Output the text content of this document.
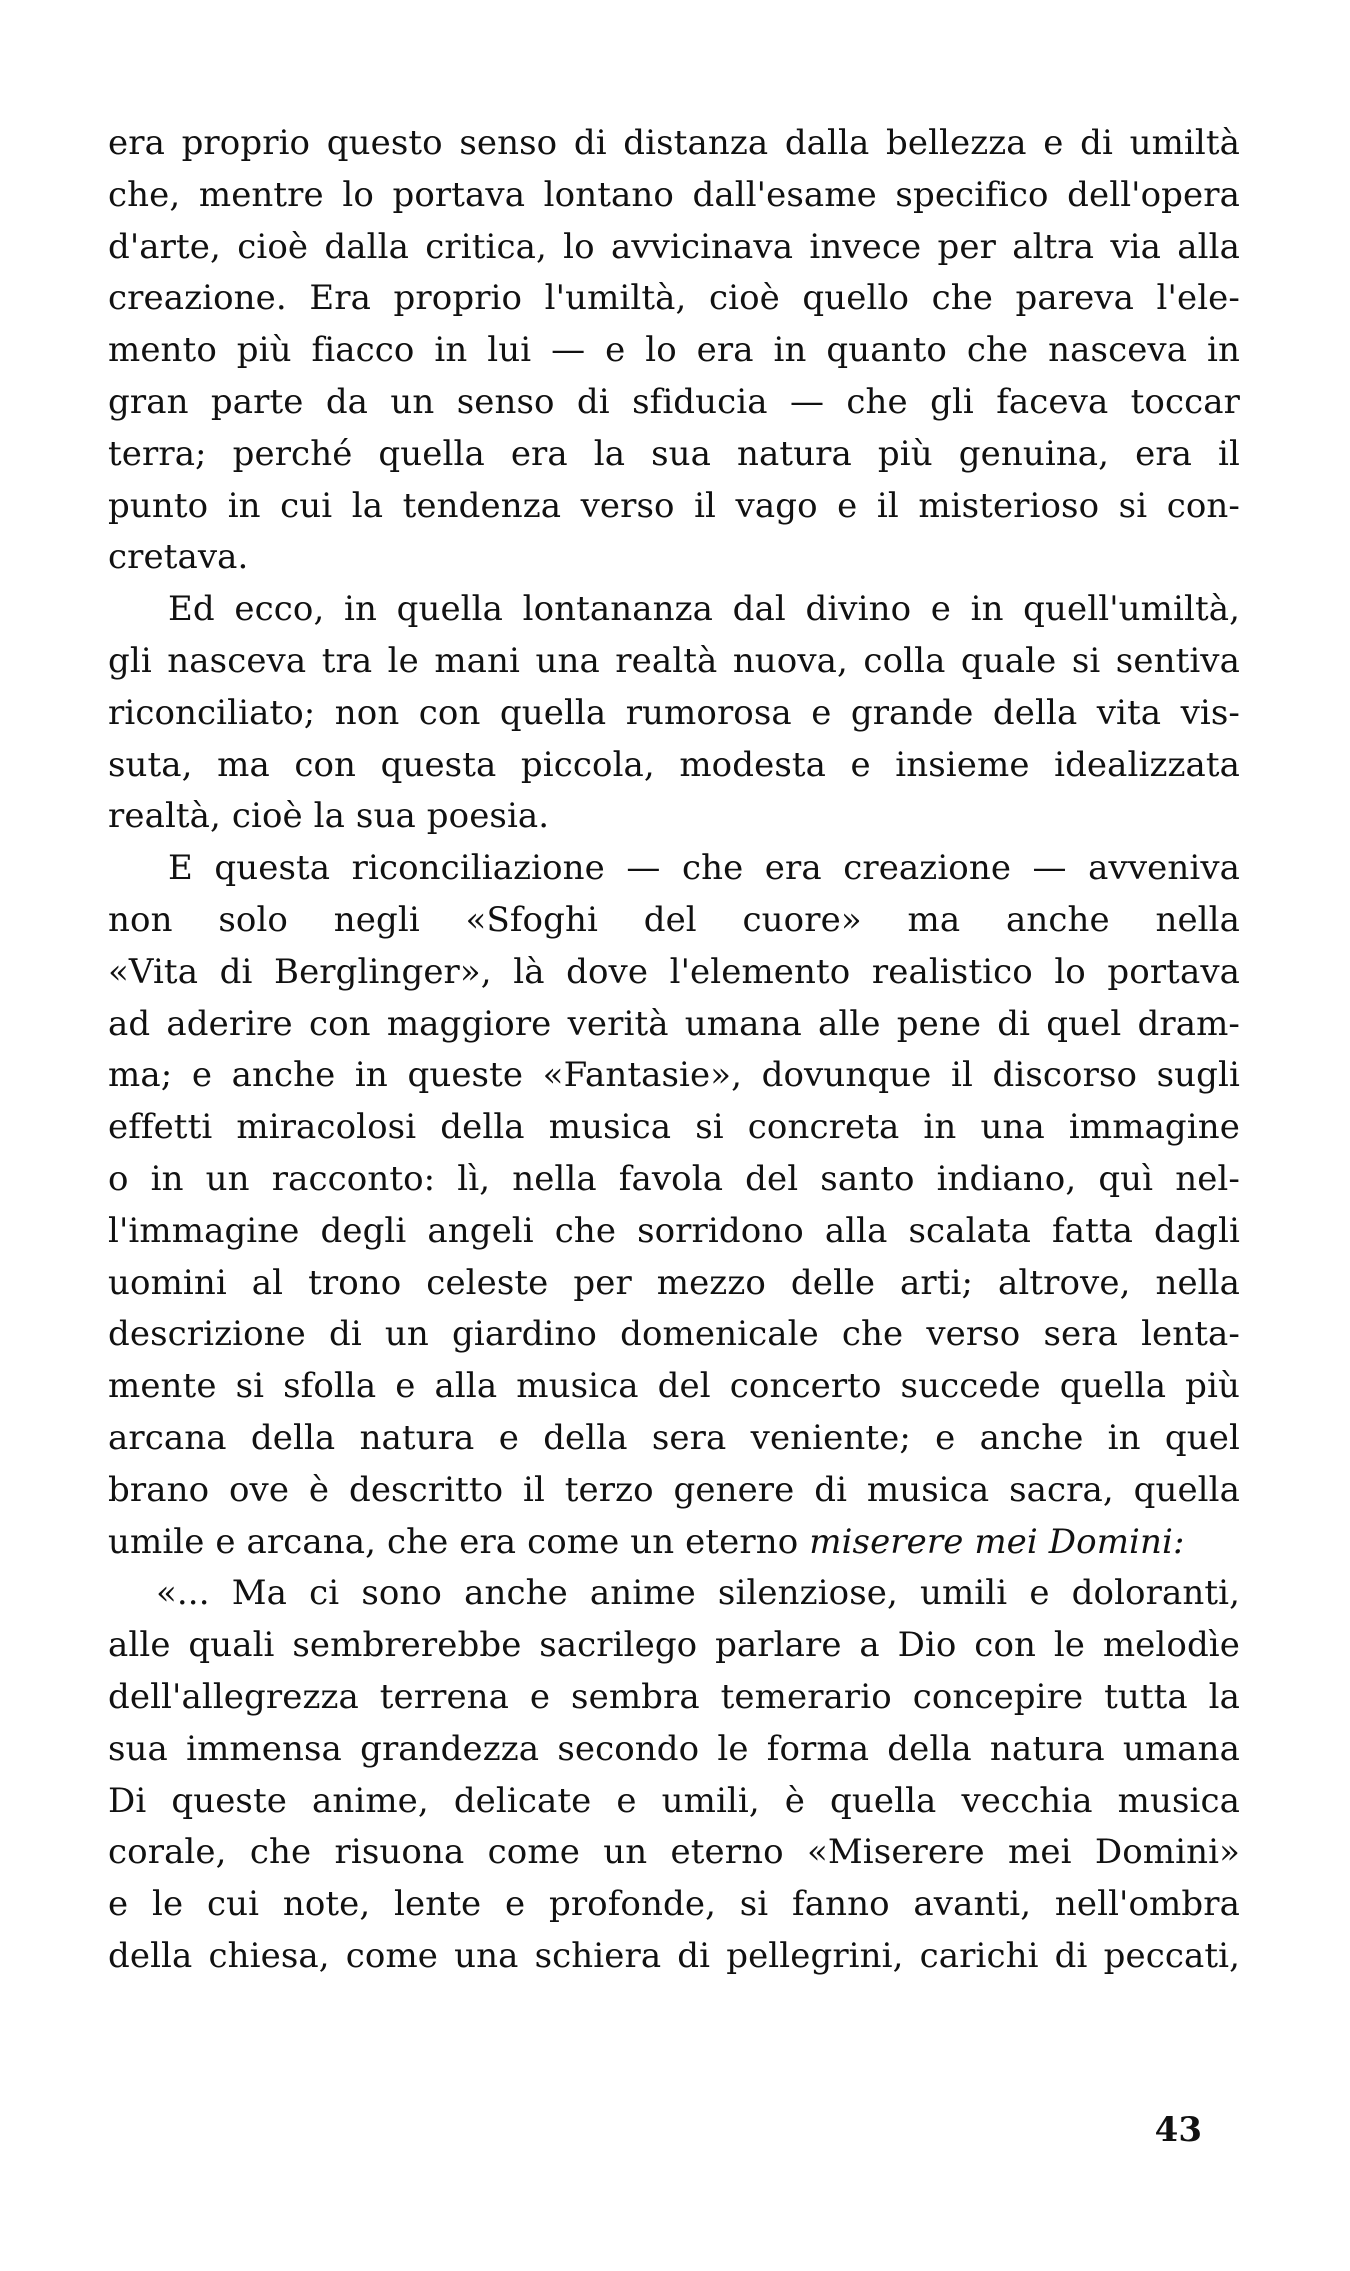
era proprio questo senso di distanza dalla bellezza e di umiltà
che, mentre lo portava lontano dall'esame specifico dell'opera
d'arte, cioè dalla critica, lo avvicinava invece per altra via alla
creazione. Era proprio l'umiltà, cioè quello che pareva l'ele-
mento più fiacco in lui — e lo era in quanto che nasceva in
gran parte da un senso di sfiducia — che gli faceva toccar
terra; perché quella era la sua natura più genuina, era il
punto in cui la tendenza verso il vago e il misterioso si con-
cretava.
Ed ecco, in quella lontananza dal divino e in quell'umiltà,
gli nasceva tra le mani una realtà nuova, colla quale si sentiva
riconciliato; non con quella rumorosa e grande della vita vis-
suta, ma con questa piccola, modesta e insieme idealizzata
realtà, cioè la sua poesia.
E questa riconciliazione — che era creazione — avveniva
non solo negli «Sfoghi del cuore» ma anche nella
«Vita di Berglinger», là dove l'elemento realistico lo portava
ad aderire con maggiore verità umana alle pene di quel dram-
ma; e anche in queste «Fantasie», dovunque il discorso sugli
effetti miracolosi della musica si concreta in una immagine
o in un racconto: lì, nella favola del santo indiano, quì nel-
l'immagine degli angeli che sorridono alla scalata fatta dagli
uomini al trono celeste per mezzo delle arti; altrove, nella
descrizione di un giardino domenicale che verso sera lenta-
mente si sfolla e alla musica del concerto succede quella più
arcana della natura e della sera veniente; e anche in quel
brano ove è descritto il terzo genere di musica sacra, quella
umile e arcana, che era come un eterno miserere mei Domini:
«... Ma ci sono anche anime silenziose, umili e doloranti,
alle quali sembrerebbe sacrilego parlare a Dio con le melodìe
dell'allegrezza terrena e sembra temerario concepire tutta la
sua immensa grandezza secondo le forma della natura umana
Di queste anime, delicate e umili, è quella vecchia musica
corale, che risuona come un eterno «Miserere mei Domini»
e le cui note, lente e profonde, si fanno avanti, nell'ombra
della chiesa, come una schiera di pellegrini, carichi di peccati,
43
